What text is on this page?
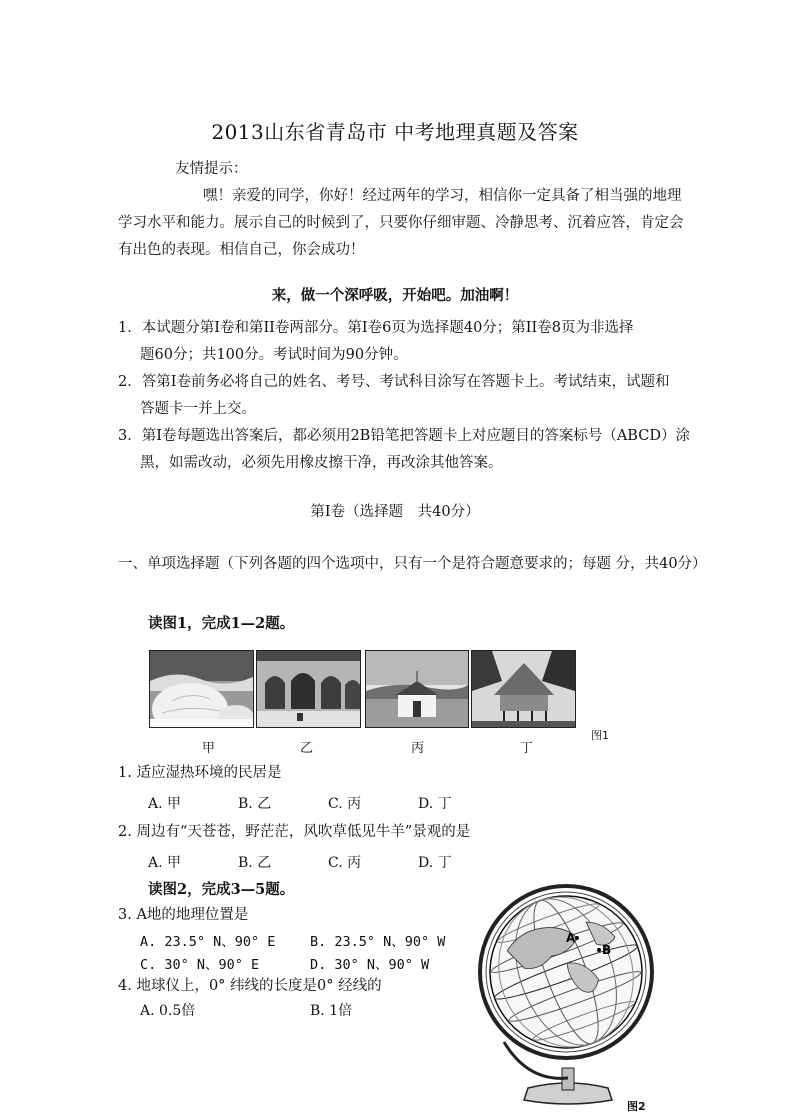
2013山东省青岛市 中考地理真题及答案
友情提示：
嘿！亲爱的同学，你好！经过两年的学习，相信你一定具备了相当强的地理
学习水平和能力。展示自己的时候到了，只要你仔细审题、冷静思考、沉着应答，肯定会
有出色的表现。相信自己，你会成功！
来，做一个深呼吸，开始吧。加油啊！
1．本试题分第Ⅰ卷和第II卷两部分。第Ⅰ卷6页为选择题40分；第II卷8页为非选择
题60分；共100分。考试时间为90分钟。
2．答第Ⅰ卷前务必将自己的姓名、考号、考试科目涂写在答题卡上。考试结束，试题和
答题卡一并上交。
3．第Ⅰ卷每题选出答案后，都必须用2B铅笔把答题卡上对应题目的答案标号（ABCD）涂
黑，如需改动，必须先用橡皮擦干净，再改涂其他答案。
第Ⅰ卷（选择题　共40分）
一、单项选择题（下列各题的四个选项中，只有一个是符合题意要求的；每题 分，共40分）
读图1，完成1—2题。
甲	乙	丙	丁
图1
1. 适应湿热环境的民居是
A. 甲	B. 乙	C. 丙	D. 丁
2. 周边有“天苍苍，野茫茫，风吹草低见牛羊”景观的是
A. 甲	B. 乙	C. 丙	D. 丁
读图2，完成3—5题。
3. A地的地理位置是
A. 23.5° N、90° E	B. 23.5° N、90° W
C. 30° N、90° E	D. 30° N、90° W
4. 地球仪上，0° 纬线的长度是0° 经线的
A. 0.5倍	B. 1倍
A
B
图2
